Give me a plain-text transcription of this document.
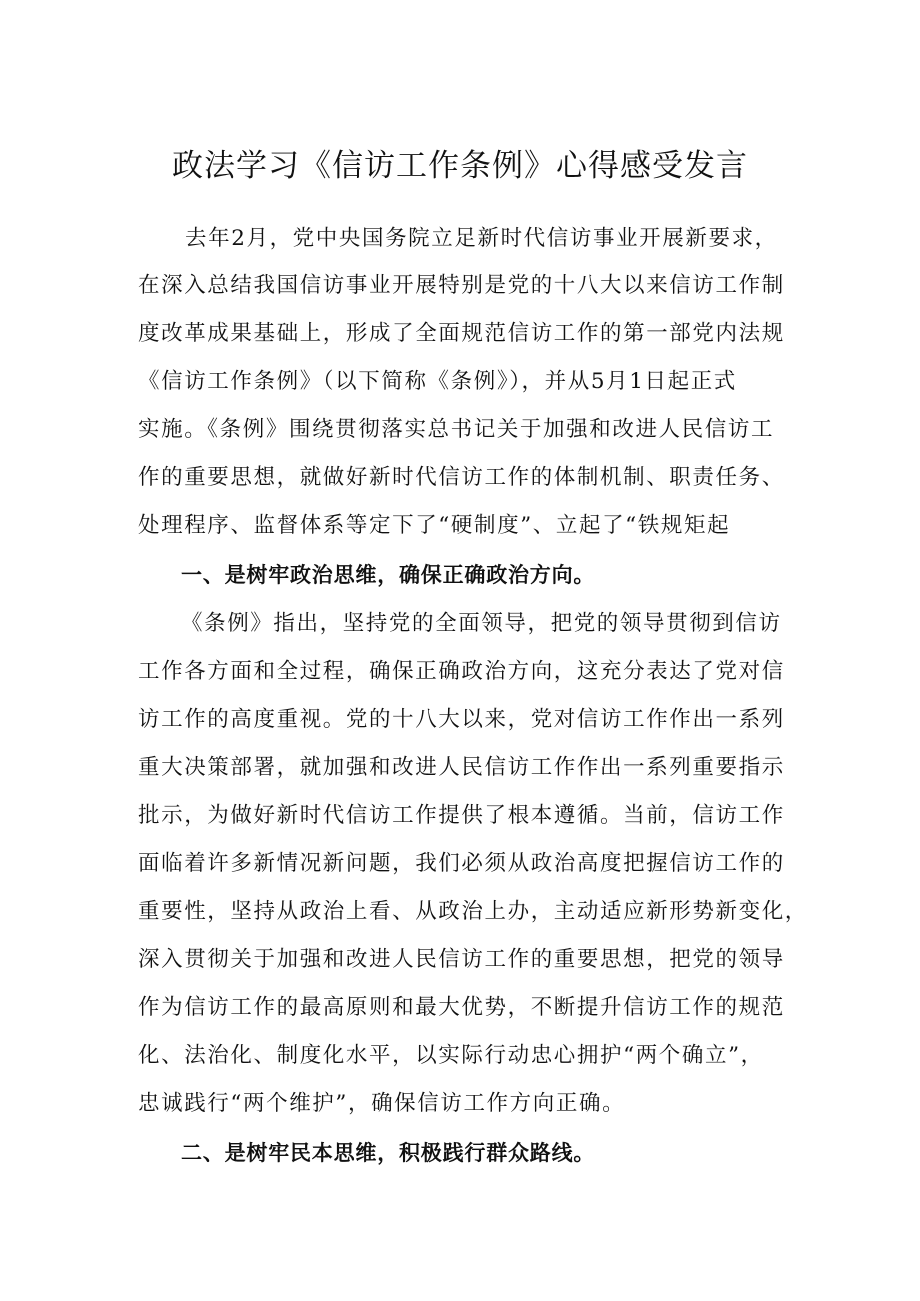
政法学习《信访工作条例》心得感受发言
去年2月，党中央国务院立足新时代信访事业开展新要求，
在深入总结我国信访事业开展特别是党的十八大以来信访工作制
度改革成果基础上，形成了全面规范信访工作的第一部党内法规
《信访工作条例》（以下简称《条例》），并从5月1日起正式
实施。《条例》围绕贯彻落实总书记关于加强和改进人民信访工
作的重要思想，就做好新时代信访工作的体制机制、职责任务、
处理程序、监督体系等定下了“硬制度”、立起了“铁规矩起
一、是树牢政治思维，确保正确政治方向。
《条例》指出，坚持党的全面领导，把党的领导贯彻到信访
工作各方面和全过程，确保正确政治方向，这充分表达了党对信
访工作的高度重视。党的十八大以来，党对信访工作作出一系列
重大决策部署，就加强和改进人民信访工作作出一系列重要指示
批示，为做好新时代信访工作提供了根本遵循。当前，信访工作
面临着许多新情况新问题，我们必须从政治高度把握信访工作的
重要性，坚持从政治上看、从政治上办，主动适应新形势新变化，
深入贯彻关于加强和改进人民信访工作的重要思想，把党的领导
作为信访工作的最高原则和最大优势，不断提升信访工作的规范
化、法治化、制度化水平，以实际行动忠心拥护“两个确立”，
忠诚践行“两个维护”，确保信访工作方向正确。
二、是树牢民本思维，积极践行群众路线。
